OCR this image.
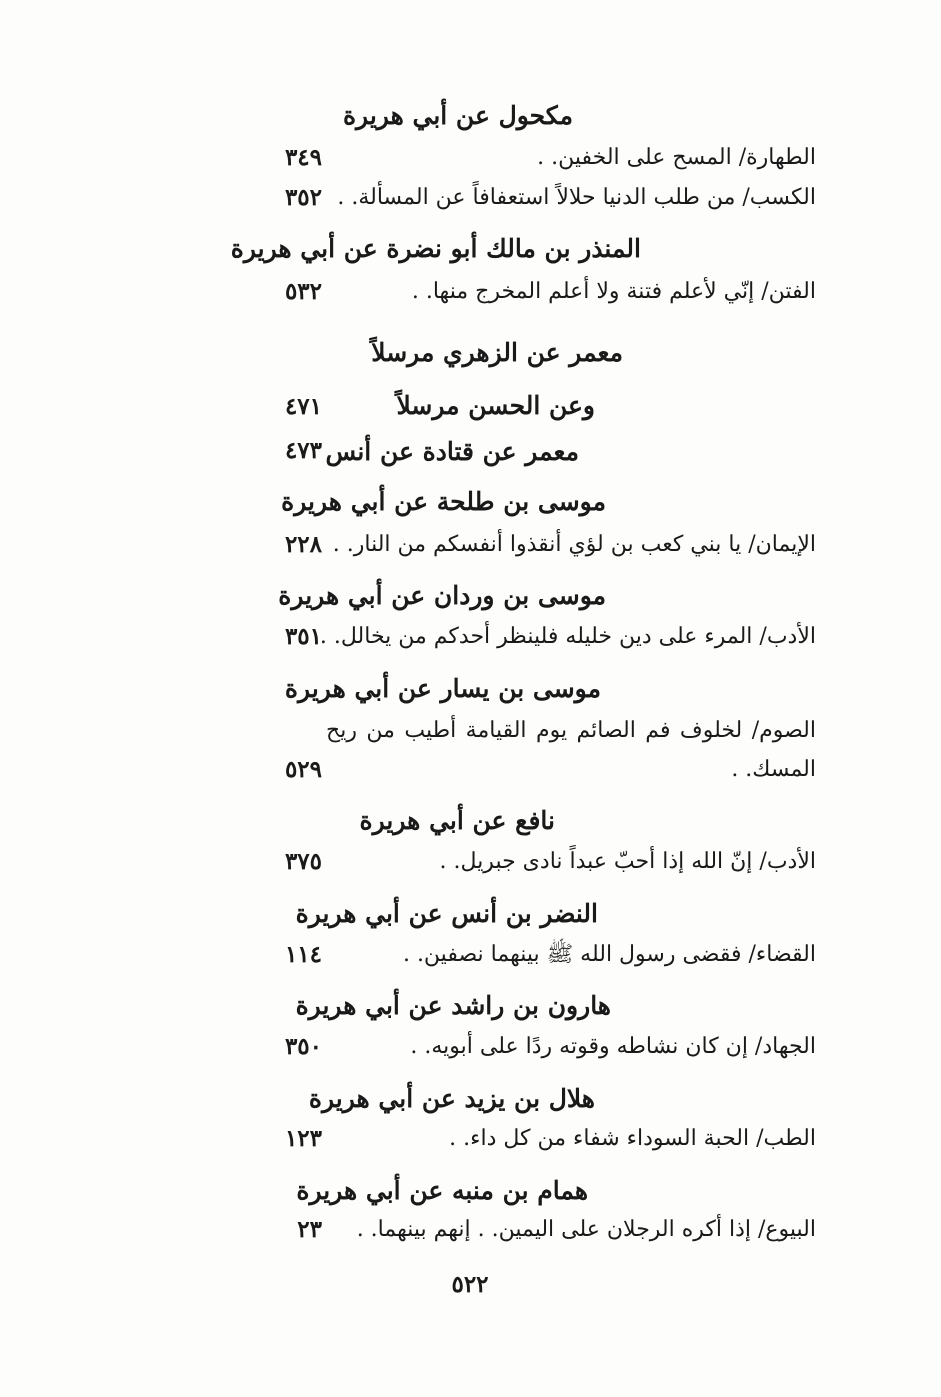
مكحول عن أبي هريرة
الطهارة/ المسح على الخفين. .
٣٤٩
الكسب/ من طلب الدنيا حلالاً استعفافاً عن المسألة. .
٣٥٢
المنذر بن مالك أبو نضرة عن أبي هريرة
الفتن/ إنّي لأعلم فتنة ولا أعلم المخرج منها. .
٥٣٢
معمر عن الزهري مرسلاً
وعن الحسن مرسلاً
٤٧١
معمر عن قتادة عن أنس
٤٧٣
موسى بن طلحة عن أبي هريرة
الإيمان/ يا بني كعب بن لؤي أنقذوا أنفسكم من النار. .
٢٢٨
موسى بن وردان عن أبي هريرة
الأدب/ المرء على دين خليله فلينظر أحدكم من يخالل. .
٣٥١
موسى بن يسار عن أبي هريرة
الصوم/ لخلوف فم الصائم يوم القيامة أطيب من ريح
المسك. .
٥٢٩
نافع عن أبي هريرة
الأدب/ إنّ الله إذا أحبّ عبداً نادى جبريل. .
٣٧٥
النضر بن أنس عن أبي هريرة
القضاء/ فقضى رسول الله ﷺ بينهما نصفين. .
١١٤
هارون بن راشد عن أبي هريرة
الجهاد/ إن كان نشاطه وقوته ردًا على أبويه. .
٣٥٠
هلال بن يزيد عن أبي هريرة
الطب/ الحبة السوداء شفاء من كل داء. .
١٢٣
همام بن منبه عن أبي هريرة
البيوع/ إذا أكره الرجلان على اليمين. . إنهم بينهما. .
٢٣
٥٢٢
